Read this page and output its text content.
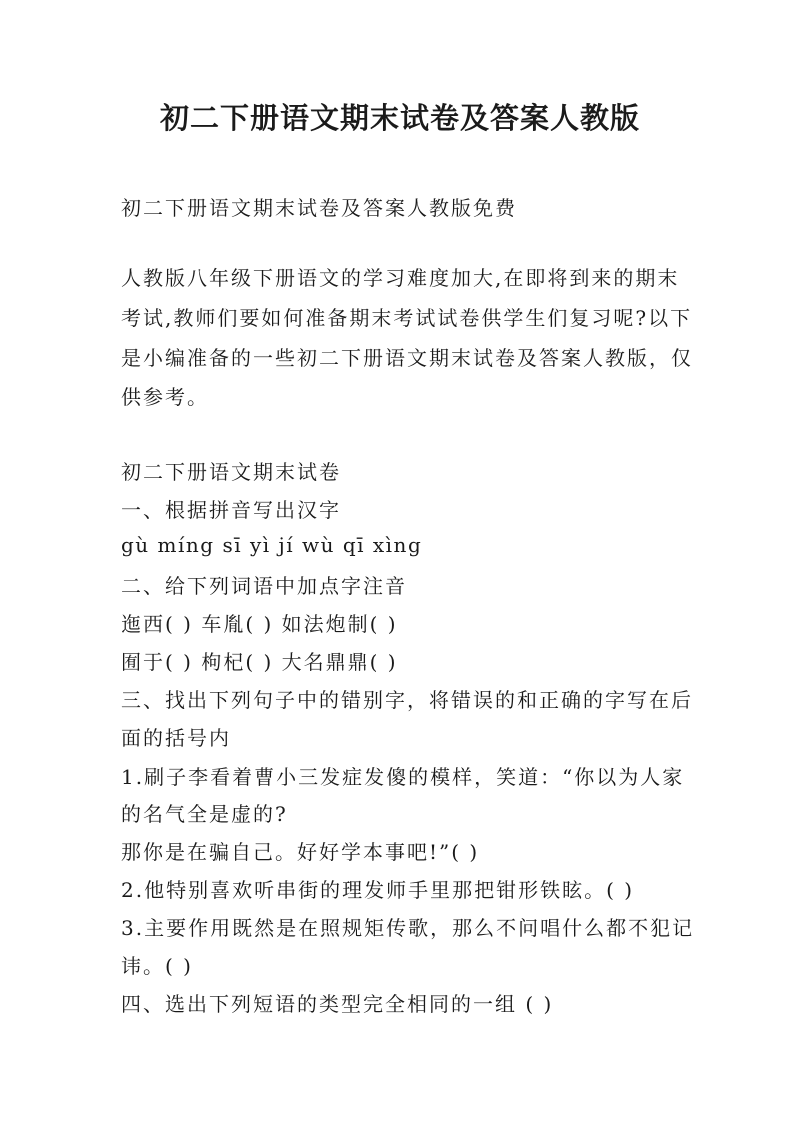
初二下册语文期末试卷及答案人教版

初二下册语文期末试卷及答案人教版免费

人教版八年级下册语文的学习难度加大,在即将到来的期末

考试,教师们要如何准备期末考试试卷供学生们复习呢?以下

是小编准备的一些初二下册语文期末试卷及答案人教版，仅

供参考。

初二下册语文期末试卷

一、根据拼音写出汉字

gù míng sī yì jí wù qī xìng

二、给下列词语中加点字注音

迤西( ) 车胤( ) 如法炮制( )

囿于( ) 枸杞( ) 大名鼎鼎( )

三、找出下列句子中的错别字，将错误的和正确的字写在后

面的括号内

1.刷子李看着曹小三发症发傻的模样，笑道：“你以为人家

的名气全是虚的?

那你是在骗自己。好好学本事吧!”( )

2.他特别喜欢听串街的理发师手里那把钳形铁眩。( )

3.主要作用既然是在照规矩传歌，那么不问唱什么都不犯记

讳。( )

四、选出下列短语的类型完全相同的一组 ( )
